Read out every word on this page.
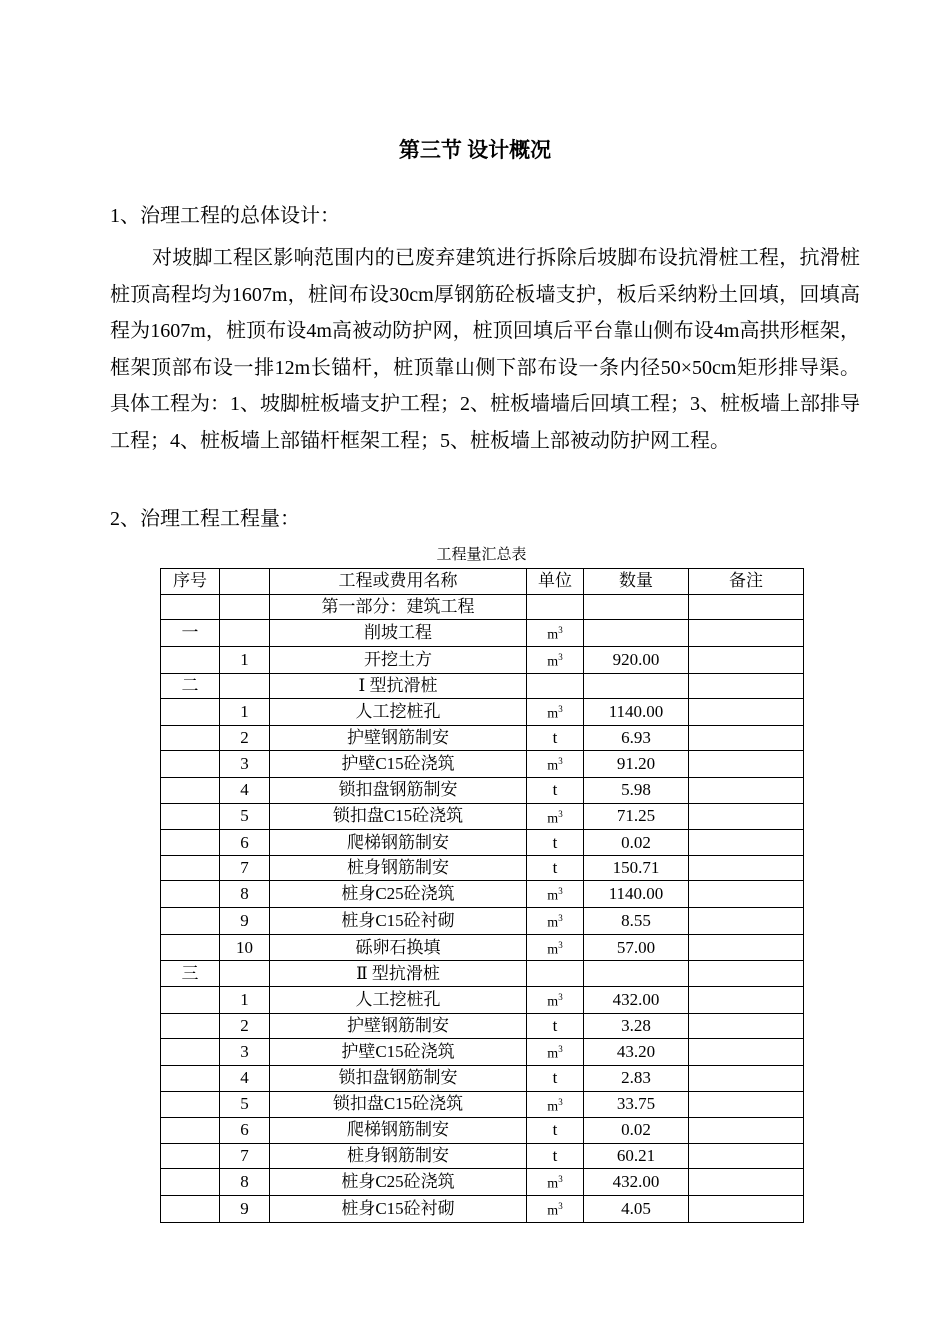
第三节 设计概况
1、治理工程的总体设计：
对坡脚工程区影响范围内的已废弃建筑进行拆除后坡脚布设抗滑桩工程，抗滑桩桩顶高程均为1607m，桩间布设30cm厚钢筋砼板墙支护，板后采纳粉土回填，回填高程为1607m，桩顶布设4m高被动防护网，桩顶回填后平台靠山侧布设4m高拱形框架，框架顶部布设一排12m长锚杆，桩顶靠山侧下部布设一条内径50×50cm矩形排导渠。具体工程为：1、坡脚桩板墙支护工程；2、桩板墙墙后回填工程；3、桩板墙上部排导工程；4、桩板墙上部锚杆框架工程；5、桩板墙上部被动防护网工程。
2、治理工程工程量：
工程量汇总表
序号		工程或费用名称	单位	数量	备注
		第一部分：建筑工程			
一		削坡工程	$m^3$		
	1	开挖土方	$m^3$	920.00	
二		Ⅰ 型抗滑桩			
	1	人工挖桩孔	$m^3$	1140.00	
	2	护壁钢筋制安	t	6.93	
	3	护壁C15砼浇筑	$m^3$	91.20	
	4	锁扣盘钢筋制安	t	5.98	
	5	锁扣盘C15砼浇筑	$m^3$	71.25	
	6	爬梯钢筋制安	t	0.02	
	7	桩身钢筋制安	t	150.71	
	8	桩身C25砼浇筑	$m^3$	1140.00	
	9	桩身C15砼衬砌	$m^3$	8.55	
	10	砾卵石换填	$m^3$	57.00	
三		Ⅱ 型抗滑桩			
	1	人工挖桩孔	$m^3$	432.00	
	2	护壁钢筋制安	t	3.28	
	3	护壁C15砼浇筑	$m^3$	43.20	
	4	锁扣盘钢筋制安	t	2.83	
	5	锁扣盘C15砼浇筑	$m^3$	33.75	
	6	爬梯钢筋制安	t	0.02	
	7	桩身钢筋制安	t	60.21	
	8	桩身C25砼浇筑	$m^3$	432.00	
	9	桩身C15砼衬砌	$m^3$	4.05	
